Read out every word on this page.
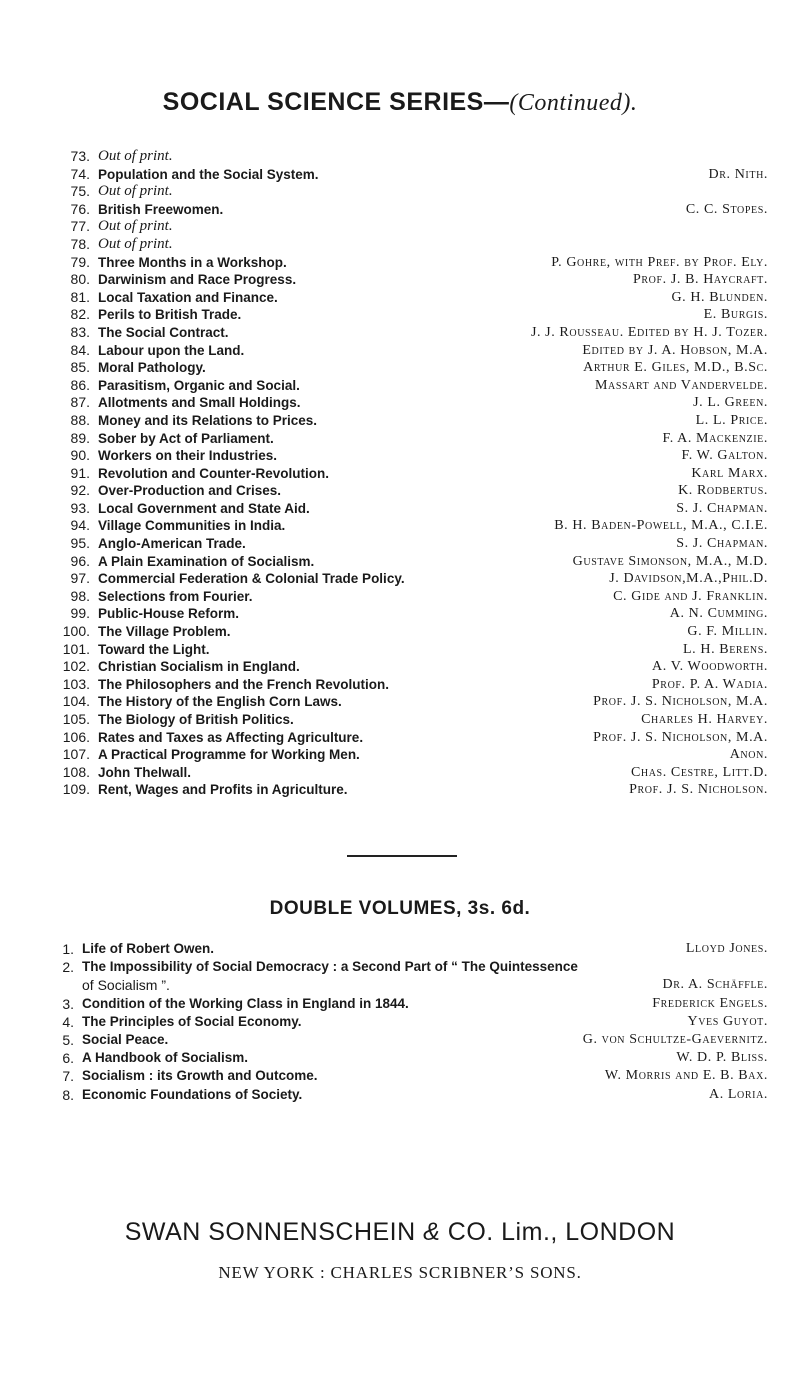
SOCIAL SCIENCE SERIES—(Continued).
73. Out of print.
74. Population and the Social System.	Dr. Nith.
75. Out of print.
76. British Freewomen.	C. C. Stopes.
77. Out of print.
78. Out of print.
79. Three Months in a Workshop.	P. Gohre, with Pref. by Prof. Ely.
80. Darwinism and Race Progress.	Prof. J. B. Haycraft.
81. Local Taxation and Finance.	G. H. Blunden.
82. Perils to British Trade.	E. Burgis.
83. The Social Contract.	J. J. Rousseau. Edited by H. J. Tozer.
84. Labour upon the Land.	Edited by J. A. Hobson, M.A.
85. Moral Pathology.	Arthur E. Giles, M.D., B.Sc.
86. Parasitism, Organic and Social.	Massart and Vandervelde.
87. Allotments and Small Holdings.	J. L. Green.
88. Money and its Relations to Prices.	L. L. Price.
89. Sober by Act of Parliament.	F. A. Mackenzie.
90. Workers on their Industries.	F. W. Galton.
91. Revolution and Counter-Revolution.	Karl Marx.
92. Over-Production and Crises.	K. Rodbertus.
93. Local Government and State Aid.	S. J. Chapman.
94. Village Communities in India.	B. H. Baden-Powell, M.A., C.I.E.
95. Anglo-American Trade.	S. J. Chapman.
96. A Plain Examination of Socialism.	Gustave Simonson, M.A., M.D.
97. Commercial Federation & Colonial Trade Policy.	J. Davidson,M.A.,Phil.D.
98. Selections from Fourier.	C. Gide and J. Franklin.
99. Public-House Reform.	A. N. Cumming.
100. The Village Problem.	G. F. Millin.
101. Toward the Light.	L. H. Berens.
102. Christian Socialism in England.	A. V. Woodworth.
103. The Philosophers and the French Revolution.	Prof. P. A. Wadia.
104. The History of the English Corn Laws.	Prof. J. S. Nicholson, M.A.
105. The Biology of British Politics.	Charles H. Harvey.
106. Rates and Taxes as Affecting Agriculture.	Prof. J. S. Nicholson, M.A.
107. A Practical Programme for Working Men.	Anon.
108. John Thelwall.	Chas. Cestre, Litt.D.
109. Rent, Wages and Profits in Agriculture.	Prof. J. S. Nicholson.
DOUBLE VOLUMES, 3s. 6d.
1. Life of Robert Owen.	Lloyd Jones.
2. The Impossibility of Social Democracy : a Second Part of “ The Quintessence
of Socialism ”.	Dr. A. Schäffle.
3. Condition of the Working Class in England in 1844.	Frederick Engels.
4. The Principles of Social Economy.	Yves Guyot.
5. Social Peace.	G. von Schultze-Gaevernitz.
6. A Handbook of Socialism.	W. D. P. Bliss.
7. Socialism : its Growth and Outcome.	W. Morris and E. B. Bax.
8. Economic Foundations of Society.	A. Loria.
SWAN SONNENSCHEIN & CO. Lim., LONDON
NEW YORK : CHARLES SCRIBNER’S SONS.
